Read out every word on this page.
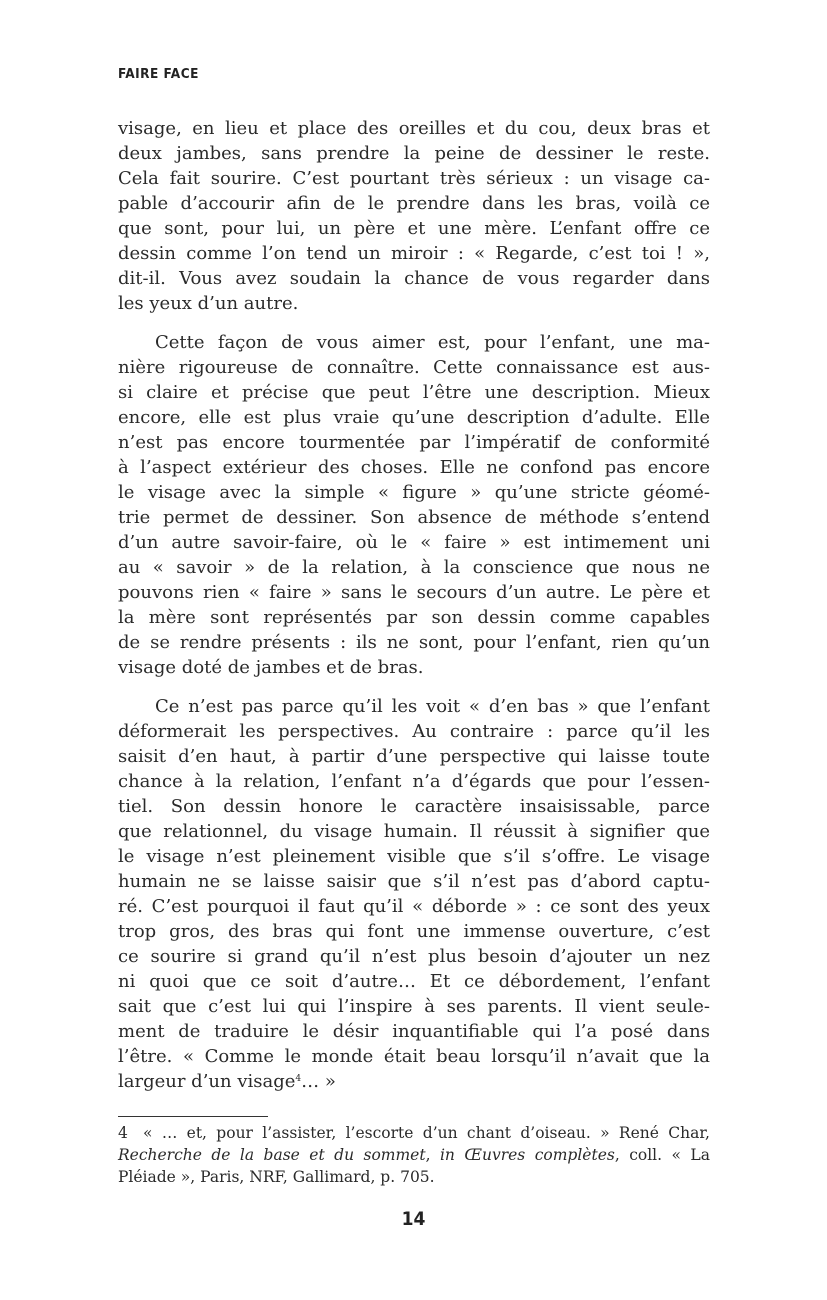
FAIRE FACE
visage, en lieu et place des oreilles et du cou, deux bras et
deux jambes, sans prendre la peine de dessiner le reste.
Cela fait sourire. C’est pourtant très sérieux : un visage ca-
pable d’accourir afin de le prendre dans les bras, voilà ce
que sont, pour lui, un père et une mère. L’enfant offre ce
dessin comme l’on tend un miroir : « Regarde, c’est toi ! »,
dit-il. Vous avez soudain la chance de vous regarder dans
les yeux d’un autre.
Cette façon de vous aimer est, pour l’enfant, une ma-
nière rigoureuse de connaître. Cette connaissance est aus-
si claire et précise que peut l’être une description. Mieux
encore, elle est plus vraie qu’une description d’adulte. Elle
n’est pas encore tourmentée par l’impératif de conformité
à l’aspect extérieur des choses. Elle ne confond pas encore
le visage avec la simple « figure » qu’une stricte géomé-
trie permet de dessiner. Son absence de méthode s’entend
d’un autre savoir-faire, où le « faire » est intimement uni
au « savoir » de la relation, à la conscience que nous ne
pouvons rien « faire » sans le secours d’un autre. Le père et
la mère sont représentés par son dessin comme capables
de se rendre présents : ils ne sont, pour l’enfant, rien qu’un
visage doté de jambes et de bras.
Ce n’est pas parce qu’il les voit « d’en bas » que l’enfant
déformerait les perspectives. Au contraire : parce qu’il les
saisit d’en haut, à partir d’une perspective qui laisse toute
chance à la relation, l’enfant n’a d’égards que pour l’essen-
tiel. Son dessin honore le caractère insaisissable, parce
que relationnel, du visage humain. Il réussit à signifier que
le visage n’est pleinement visible que s’il s’offre. Le visage
humain ne se laisse saisir que s’il n’est pas d’abord captu-
ré. C’est pourquoi il faut qu’il « déborde » : ce sont des yeux
trop gros, des bras qui font une immense ouverture, c’est
ce sourire si grand qu’il n’est plus besoin d’ajouter un nez
ni quoi que ce soit d’autre… Et ce débordement, l’enfant
sait que c’est lui qui l’inspire à ses parents. Il vient seule-
ment de traduire le désir inquantifiable qui l’a posé dans
l’être. « Comme le monde était beau lorsqu’il n’avait que la
largeur d’un visage$^4$… »
4 « … et, pour l’assister, l’escorte d’un chant d’oiseau. » René Char,
Recherche de la base et du sommet, in Œuvres complètes, coll. « La
Pléiade », Paris, NRF, Gallimard, p. 705.
14
